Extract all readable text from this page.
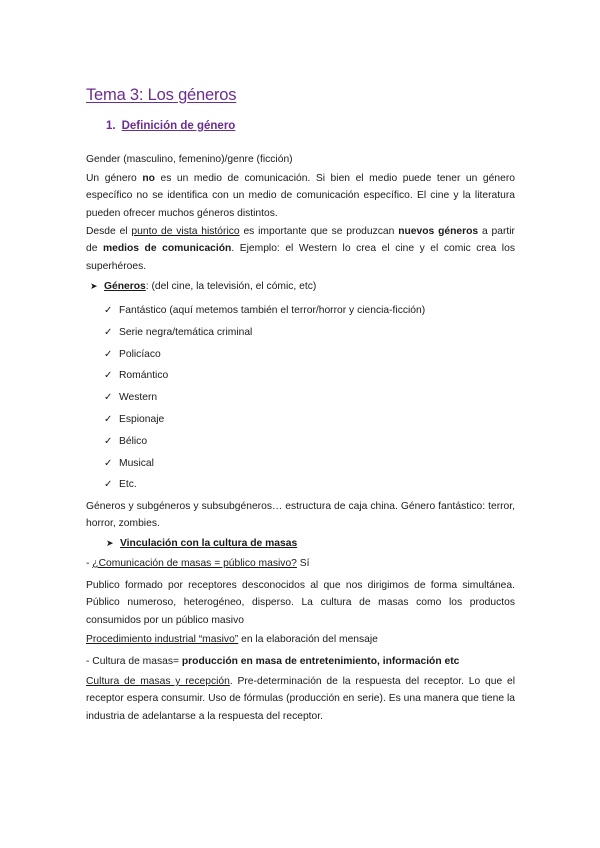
Tema 3: Los géneros
1. Definición de género

Gender (masculino, femenino)/genre (ficción)

Un género no es un medio de comunicación. Si bien el medio puede tener un género específico no se identifica con un medio de comunicación específico. El cine y la literatura pueden ofrecer muchos géneros distintos.

Desde el punto de vista histórico es importante que se produzcan nuevos géneros a partir de medios de comunicación. Ejemplo: el Western lo crea el cine y el comic crea los superhéroes.

➤ Géneros: (del cine, la televisión, el cómic, etc)
✓ Fantástico (aquí metemos también el terror/horror y ciencia-ficción)
✓ Serie negra/temática criminal
✓ Policíaco
✓ Romántico
✓ Western
✓ Espionaje
✓ Bélico
✓ Musical
✓ Etc.

Géneros y subgéneros y subsubgéneros… estructura de caja china. Género fantástico: terror, horror, zombies.

➤ Vinculación con la cultura de masas

- ¿Comunicación de masas = público masivo? Sí

Publico formado por receptores desconocidos al que nos dirigimos de forma simultánea. Público numeroso, heterogéneo, disperso. La cultura de masas como los productos consumidos por un público masivo

Procedimiento industrial “masivo” en la elaboración del mensaje

- Cultura de masas= producción en masa de entretenimiento, información etc

Cultura de masas y recepción. Pre-determinación de la respuesta del receptor. Lo que el receptor espera consumir. Uso de fórmulas (producción en serie). Es una manera que tiene la industria de adelantarse a la respuesta del receptor.
